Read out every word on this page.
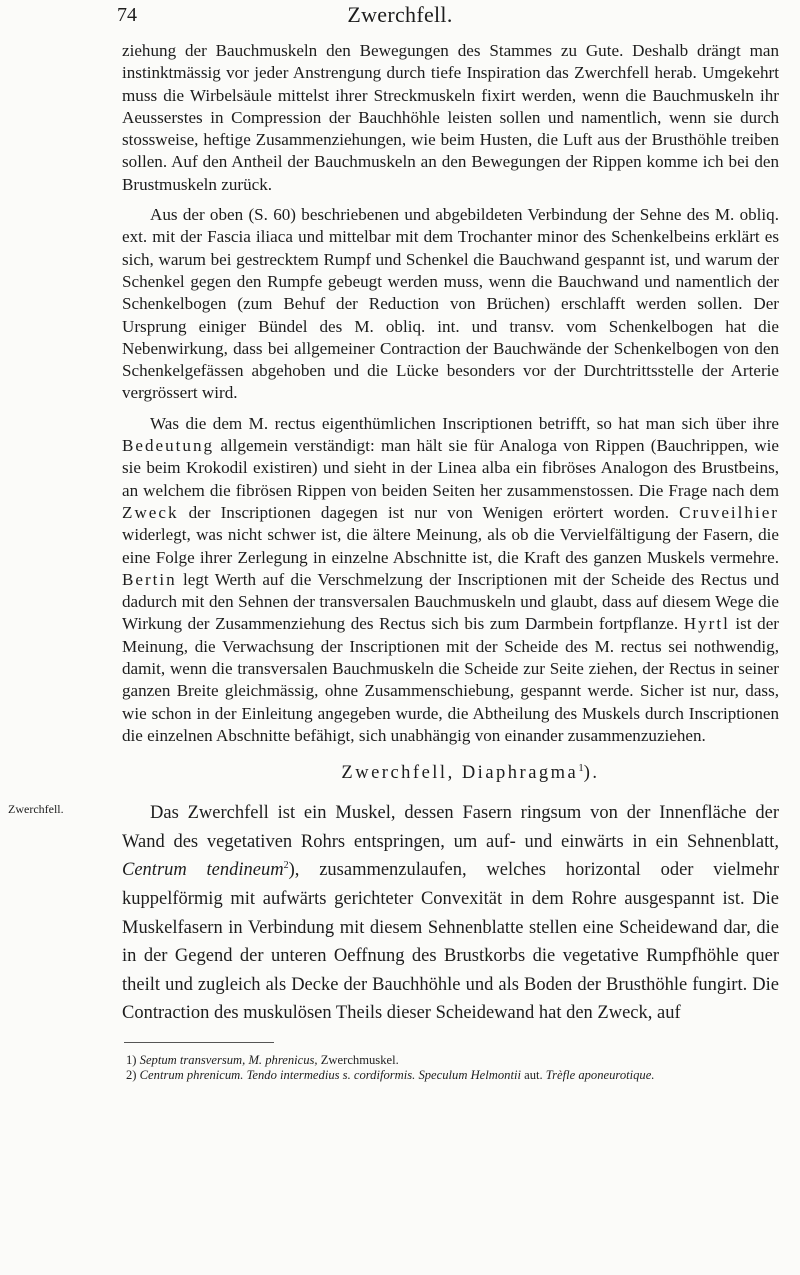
74	Zwerchfell.

ziehung der Bauchmuskeln den Bewegungen des Stammes zu Gute. Deshalb drängt man instinktmässig vor jeder Anstrengung durch tiefe Inspiration das Zwerchfell herab. Umgekehrt muss die Wirbelsäule mittelst ihrer Streckmuskeln fixirt werden, wenn die Bauchmuskeln ihr Aeusserstes in Compression der Bauchhöhle leisten sollen und namentlich, wenn sie durch stossweise, heftige Zusammenziehungen, wie beim Husten, die Luft aus der Brusthöhle treiben sollen. Auf den Antheil der Bauchmuskeln an den Bewegungen der Rippen komme ich bei den Brustmuskeln zurück.

Aus der oben (S. 60) beschriebenen und abgebildeten Verbindung der Sehne des M. obliq. ext. mit der Fascia iliaca und mittelbar mit dem Trochanter minor des Schenkelbeins erklärt es sich, warum bei gestrecktem Rumpf und Schenkel die Bauchwand gespannt ist, und warum der Schenkel gegen den Rumpfe gebeugt werden muss, wenn die Bauchwand und namentlich der Schenkelbogen (zum Behuf der Reduction von Brüchen) erschlafft werden sollen. Der Ursprung einiger Bündel des M. obliq. int. und transv. vom Schenkelbogen hat die Nebenwirkung, dass bei allgemeiner Contraction der Bauchwände der Schenkelbogen von den Schenkelgefässen abgehoben und die Lücke besonders vor der Durchtrittsstelle der Arterie vergrössert wird.

Was die dem M. rectus eigenthümlichen Inscriptionen betrifft, so hat man sich über ihre Bedeutung allgemein verständigt: man hält sie für Analoga von Rippen (Bauchrippen, wie sie beim Krokodil existiren) und sieht in der Linea alba ein fibröses Analogon des Brustbeins, an welchem die fibrösen Rippen von beiden Seiten her zusammenstossen. Die Frage nach dem Zweck der Inscriptionen dagegen ist nur von Wenigen erörtert worden. Cruveilhier widerlegt, was nicht schwer ist, die ältere Meinung, als ob die Vervielfältigung der Fasern, die eine Folge ihrer Zerlegung in einzelne Abschnitte ist, die Kraft des ganzen Muskels vermehre. Bertin legt Werth auf die Verschmelzung der Inscriptionen mit der Scheide des Rectus und dadurch mit den Sehnen der transversalen Bauchmuskeln und glaubt, dass auf diesem Wege die Wirkung der Zusammenziehung des Rectus sich bis zum Darmbein fortpflanze. Hyrtl ist der Meinung, die Verwachsung der Inscriptionen mit der Scheide des M. rectus sei nothwendig, damit, wenn die transversalen Bauchmuskeln die Scheide zur Seite ziehen, der Rectus in seiner ganzen Breite gleichmässig, ohne Zusammenschiebung, gespannt werde. Sicher ist nur, dass, wie schon in der Einleitung angegeben wurde, die Abtheilung des Muskels durch Inscriptionen die einzelnen Abschnitte befähigt, sich unabhängig von einander zusammenzuziehen.

Zwerchfell, Diaphragma$^1$).

Zwerchfell.	Das Zwerchfell ist ein Muskel, dessen Fasern ringsum von der Innenfläche der Wand des vegetativen Rohrs entspringen, um auf- und einwärts in ein Sehnenblatt, Centrum tendineum$^2$), zusammenzulaufen, welches horizontal oder vielmehr kuppelförmig mit aufwärts gerichteter Convexität in dem Rohre ausgespannt ist. Die Muskelfasern in Verbindung mit diesem Sehnenblatte stellen eine Scheidewand dar, die in der Gegend der unteren Oeffnung des Brustkorbs die vegetative Rumpfhöhle quer theilt und zugleich als Decke der Bauchhöhle und als Boden der Brusthöhle fungirt. Die Contraction des muskulösen Theils dieser Scheidewand hat den Zweck, auf

1) Septum transversum, M. phrenicus, Zwerchmuskel.
2) Centrum phrenicum. Tendo intermedius s. cordiformis. Speculum Helmontii aut. Trèfle aponeurotique.
